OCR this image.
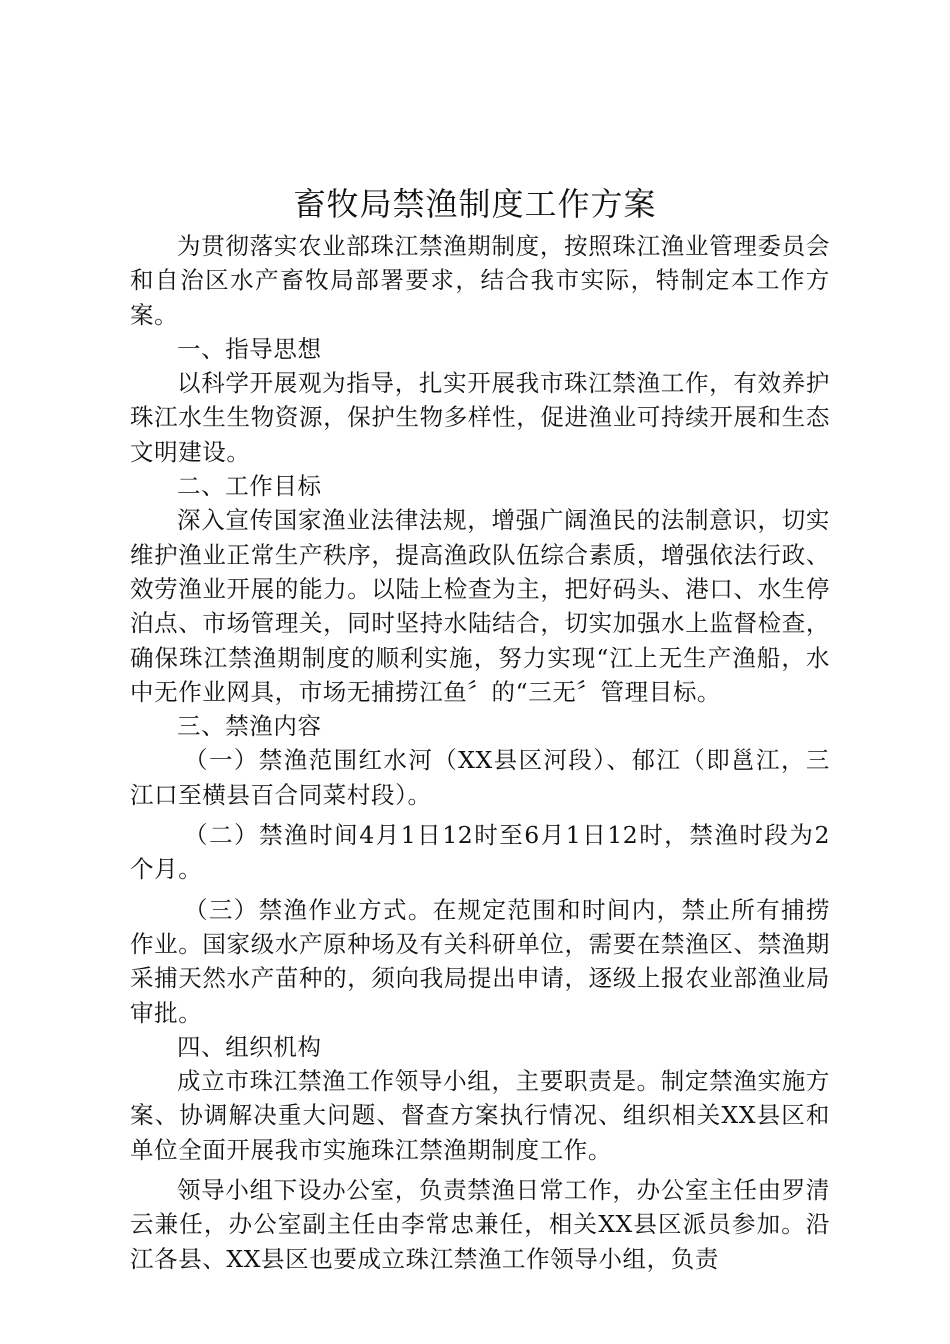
畜牧局禁渔制度工作方案

为贯彻落实农业部珠江禁渔期制度，按照珠江渔业管理委员会和自治区水产畜牧局部署要求，结合我市实际，特制定本工作方案。

一、指导思想

以科学开展观为指导，扎实开展我市珠江禁渔工作，有效养护珠江水生生物资源，保护生物多样性，促进渔业可持续开展和生态文明建设。

二、工作目标

深入宣传国家渔业法律法规，增强广阔渔民的法制意识，切实维护渔业正常生产秩序，提高渔政队伍综合素质，增强依法行政、效劳渔业开展的能力。以陆上检查为主，把好码头、港口、水生停泊点、市场管理关，同时坚持水陆结合，切实加强水上监督检查，确保珠江禁渔期制度的顺利实施，努力实现“江上无生产渔船，水中无作业网具，市场无捕捞江鱼〞的“三无〞管理目标。

三、禁渔内容

（一）禁渔范围红水河（XX县区河段）、郁江（即邕江，三江口至横县百合同菜村段）。

（二）禁渔时间4月1日12时至6月1日12时，禁渔时段为2个月。

（三）禁渔作业方式。在规定范围和时间内，禁止所有捕捞作业。国家级水产原种场及有关科研单位，需要在禁渔区、禁渔期采捕天然水产苗种的，须向我局提出申请，逐级上报农业部渔业局审批。

四、组织机构

成立市珠江禁渔工作领导小组，主要职责是。制定禁渔实施方案、协调解决重大问题、督查方案执行情况、组织相关XX县区和单位全面开展我市实施珠江禁渔期制度工作。

领导小组下设办公室，负责禁渔日常工作，办公室主任由罗清云兼任，办公室副主任由李常忠兼任，相关XX县区派员参加。沿江各县、XX县区也要成立珠江禁渔工作领导小组，负责
